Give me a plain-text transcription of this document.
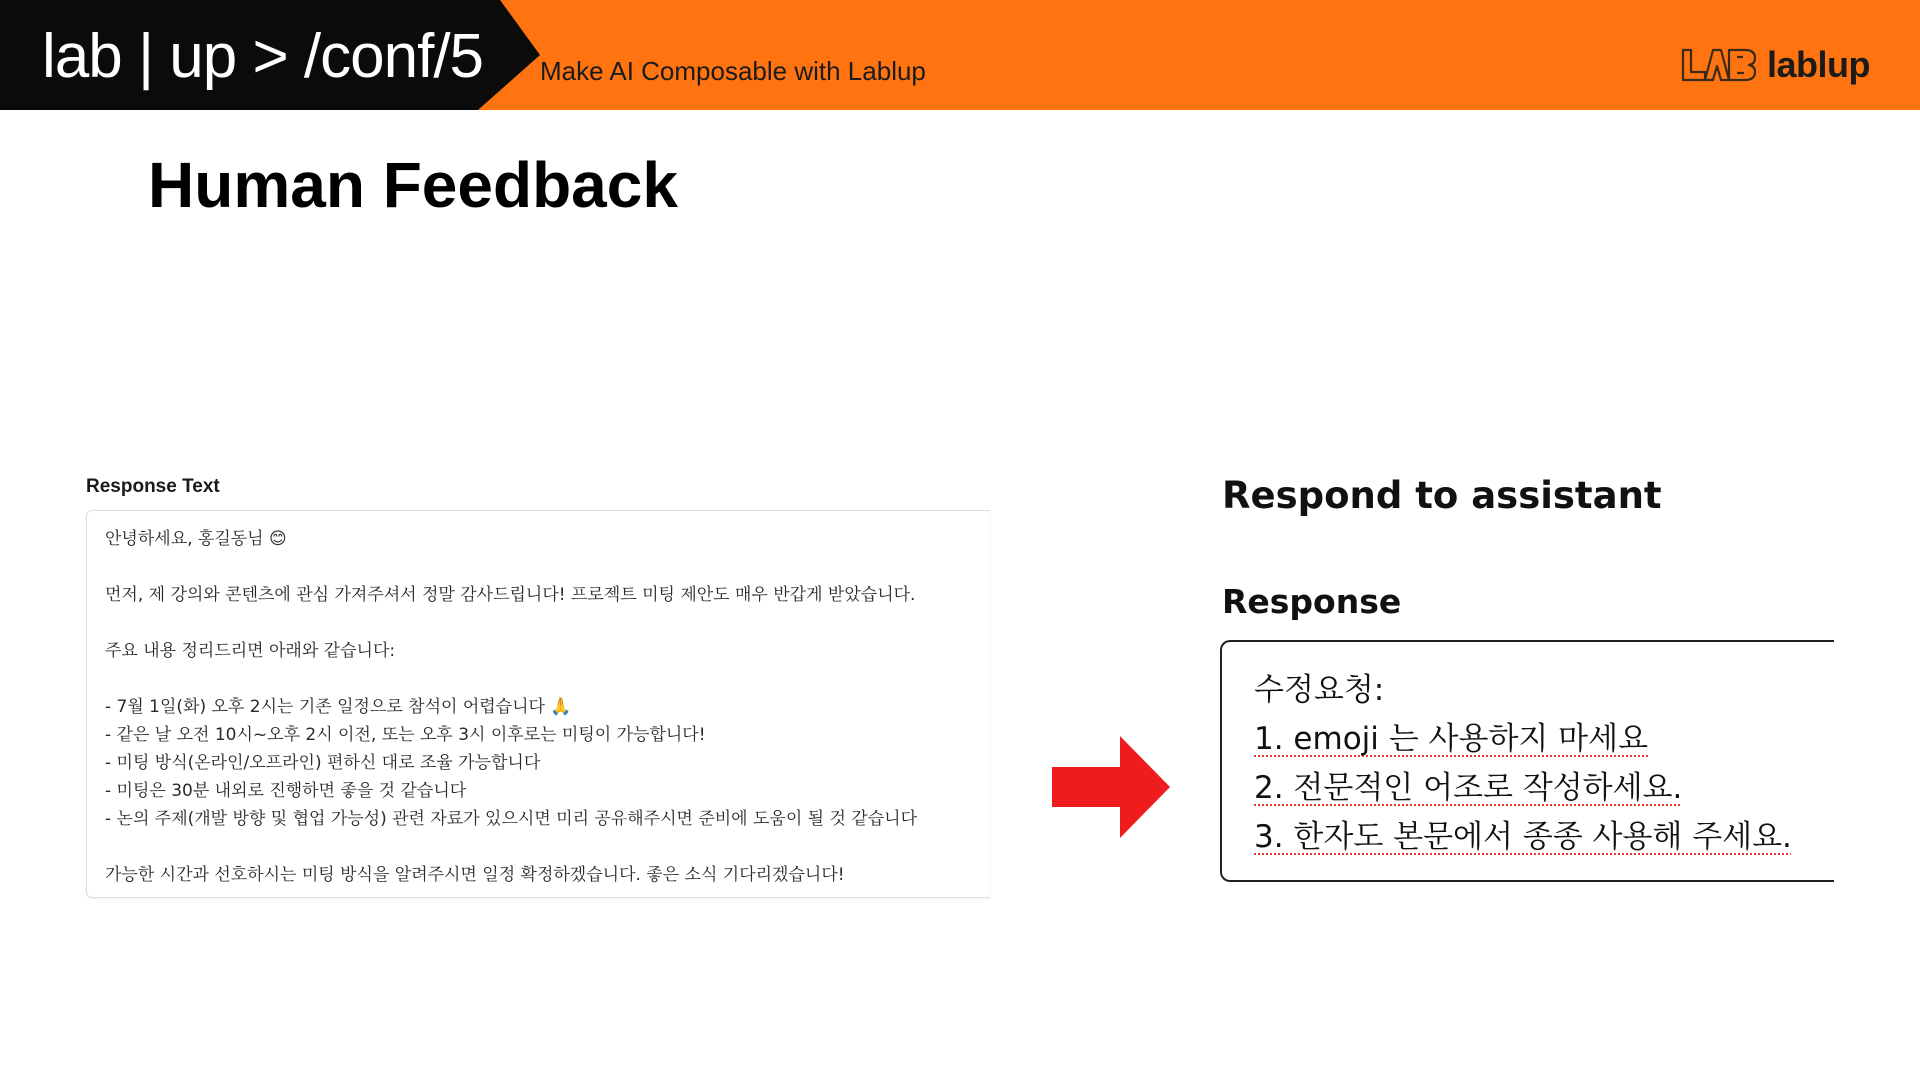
lab | up > /conf/5 Make AI Composable with Lablup	lablup
Human Feedback
Response Text
안녕하세요, 홍길동님 😊
먼저, 제 강의와 콘텐츠에 관심 가져주셔서 정말 감사드립니다! 프로젝트 미팅 제안도 매우 반갑게 받았습니다.
주요 내용 정리드리면 아래와 같습니다:
- 7월 1일(화) 오후 2시는 기존 일정으로 참석이 어렵습니다 🙏
- 같은 날 오전 10시~오후 2시 이전, 또는 오후 3시 이후로는 미팅이 가능합니다!
- 미팅 방식(온라인/오프라인) 편하신 대로 조율 가능합니다
- 미팅은 30분 내외로 진행하면 좋을 것 같습니다
- 논의 주제(개발 방향 및 협업 가능성) 관련 자료가 있으시면 미리 공유해주시면 준비에 도움이 될 것 같습니다
가능한 시간과 선호하시는 미팅 방식을 알려주시면 일정 확정하겠습니다. 좋은 소식 기다리겠습니다!
Respond to assistant
Response
수정요청:
1. emoji 는 사용하지 마세요
2. 전문적인 어조로 작성하세요.
3. 한자도 본문에서 종종 사용해 주세요.
